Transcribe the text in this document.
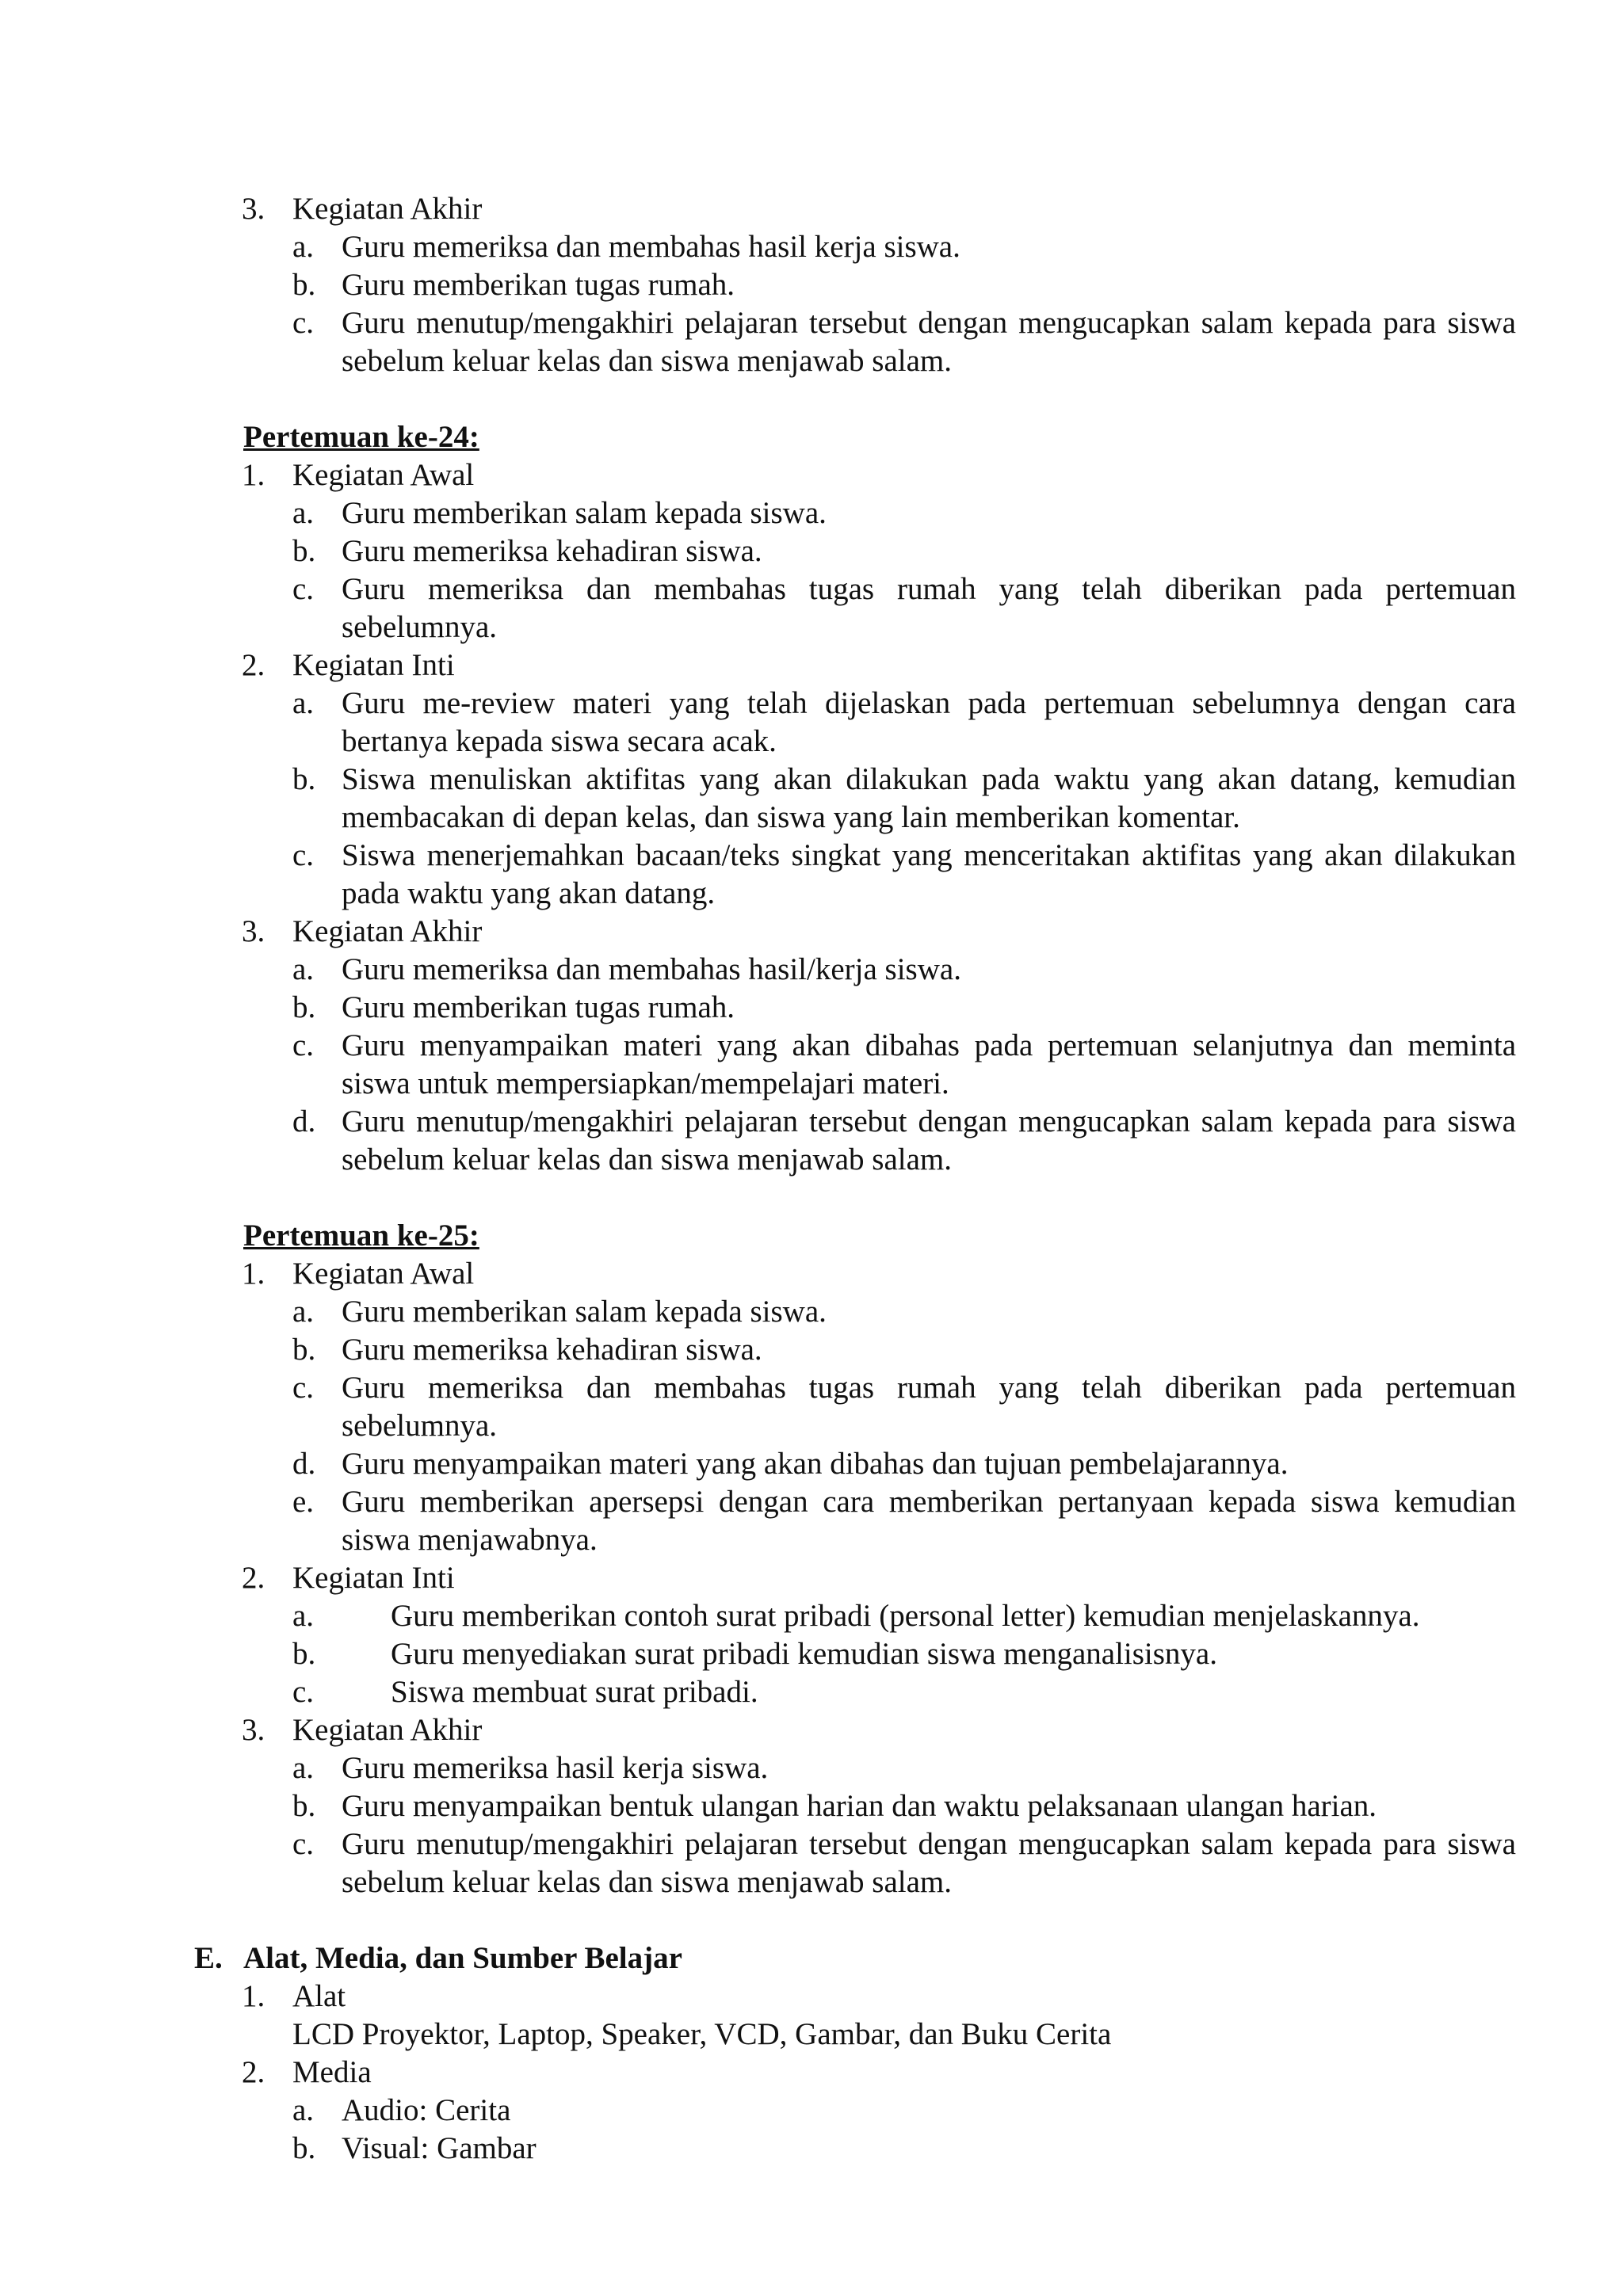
3. Kegiatan Akhir
a. Guru memeriksa dan membahas hasil kerja siswa.
b. Guru memberikan tugas rumah.
c. Guru menutup/mengakhiri pelajaran tersebut dengan mengucapkan salam kepada para siswa sebelum keluar kelas dan siswa menjawab salam.
Pertemuan ke-24:
1. Kegiatan Awal
a. Guru memberikan salam kepada siswa.
b. Guru memeriksa kehadiran siswa.
c. Guru memeriksa dan membahas tugas rumah yang telah diberikan pada pertemuan sebelumnya.
2. Kegiatan Inti
a. Guru me-review materi yang telah dijelaskan pada pertemuan sebelumnya dengan cara bertanya kepada siswa secara acak.
b. Siswa menuliskan aktifitas yang akan dilakukan pada waktu yang akan datang, kemudian membacakan di depan kelas, dan siswa yang lain memberikan komentar.
c. Siswa menerjemahkan bacaan/teks singkat yang menceritakan aktifitas yang akan dilakukan pada waktu yang akan datang.
3. Kegiatan Akhir
a. Guru memeriksa dan membahas hasil/kerja siswa.
b. Guru memberikan tugas rumah.
c. Guru menyampaikan materi yang akan dibahas pada pertemuan selanjutnya dan meminta siswa untuk mempersiapkan/mempelajari materi.
d. Guru menutup/mengakhiri pelajaran tersebut dengan mengucapkan salam kepada para siswa sebelum keluar kelas dan siswa menjawab salam.
Pertemuan ke-25:
1. Kegiatan Awal
a. Guru memberikan salam kepada siswa.
b. Guru memeriksa kehadiran siswa.
c. Guru memeriksa dan membahas tugas rumah yang telah diberikan pada pertemuan sebelumnya.
d. Guru menyampaikan materi yang akan dibahas dan tujuan pembelajarannya.
e. Guru memberikan apersepsi dengan cara memberikan pertanyaan kepada siswa kemudian siswa menjawabnya.
2. Kegiatan Inti
a.	Guru memberikan contoh surat pribadi (personal letter) kemudian menjelaskannya.
b.	Guru menyediakan surat pribadi kemudian siswa menganalisisnya.
c.	Siswa membuat surat pribadi.
3. Kegiatan Akhir
a. Guru memeriksa hasil kerja siswa.
b. Guru menyampaikan bentuk ulangan harian dan waktu pelaksanaan ulangan harian.
c. Guru menutup/mengakhiri pelajaran tersebut dengan mengucapkan salam kepada para siswa sebelum keluar kelas dan siswa menjawab salam.
E. Alat, Media, dan Sumber Belajar
1. Alat
LCD Proyektor, Laptop, Speaker, VCD, Gambar, dan Buku Cerita
2. Media
a. Audio: Cerita
b. Visual: Gambar
